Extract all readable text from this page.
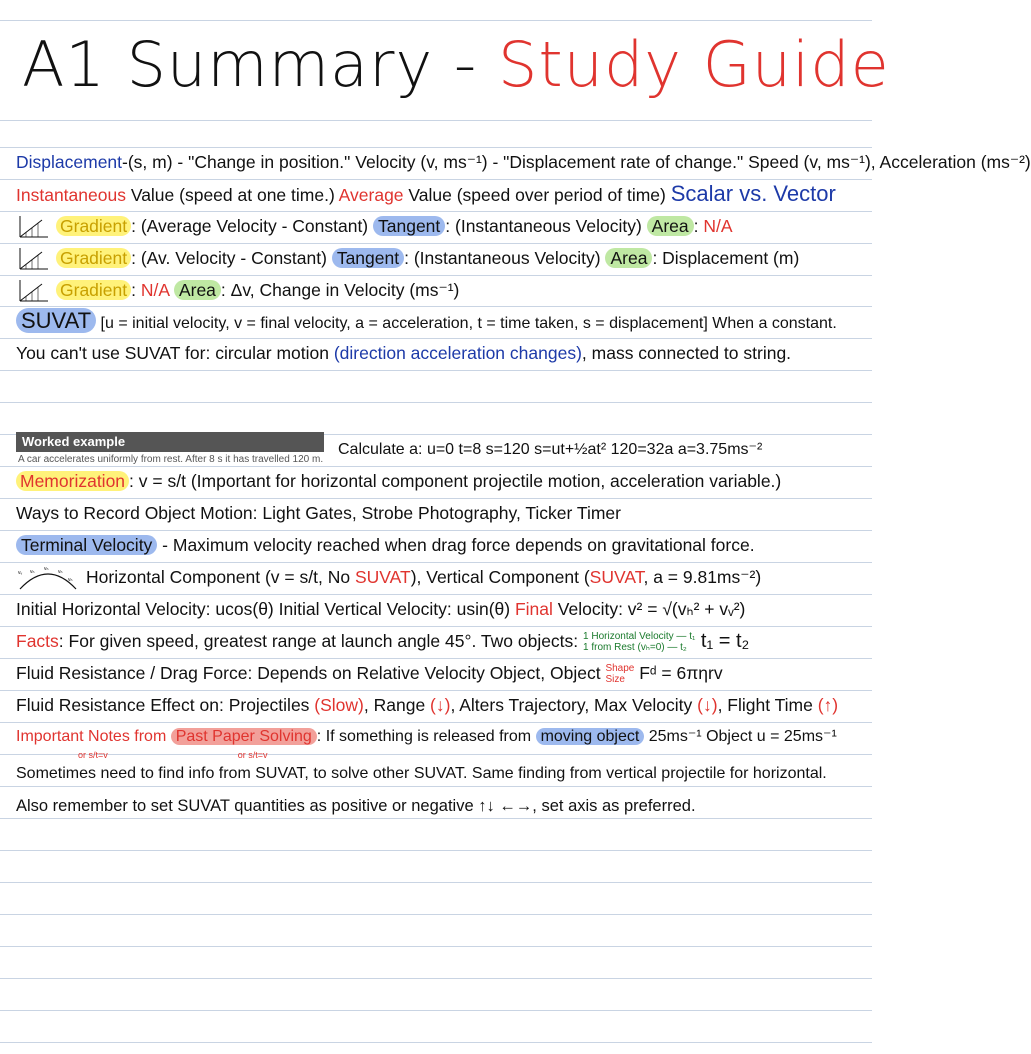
A1 Summary - Study Guide
Displacement-(s, m) - "Change in position." Velocity (v, ms⁻¹) - "Displacement rate of change." Speed (v, ms⁻¹), Acceleration (ms⁻²)
Instantaneous Value (speed at one time.) Average Value (speed over period of time) Scalar vs. Vector
Gradient : (Average Velocity - Constant) Tangent : (Instantaneous Velocity) Area : N/A
Gradient : (Av. Velocity - Constant) Tangent : (Instantaneous Velocity) Area : Displacement (m)
Gradient : N/A Area : Δv, Change in Velocity (ms⁻¹)
SUVAT [u = initial velocity, v = final velocity, a = acceleration, t = time taken, s = displacement] When a constant.
You can't use SUVAT for: circular motion (direction acceleration changes), mass connected to string.
Worked example
A car accelerates uniformly from rest. After 8 s it has travelled 120 m.
Calculate a: u=0 t=8 s=120 s=ut+½at² 120=32a a=3.75ms⁻²
Memorization : v = s/t (Important for horizontal component projectile motion, acceleration variable.)
Ways to Record Object Motion: Light Gates, Strobe Photography, Ticker Timer
Terminal Velocity - Maximum velocity reached when drag force depends on gravitational force.
vᵥ vₕ vₕ vₕ
vₕ Horizontal Component (v = s/t, No SUVAT), Vertical Component (SUVAT, a = 9.81ms⁻²)
Initial Horizontal Velocity: ucos(θ) Initial Vertical Velocity: usin(θ) Final Velocity: v² = √(vₕ² + vᵥ²)
Facts: For given speed, greatest range at launch angle 45°. Two objects: 1 Horizontal Velocity — t₁
1 from Rest (vₕ=0) — t₂ t₁ = t₂
Fluid Resistance / Drag Force: Depends on Relative Velocity Object, Object Shape
Size Fᵈ = 6πηrv
Fluid Resistance Effect on: Projectiles (Slow), Range (↓), Alters Trajectory, Max Velocity (↓), Flight Time (↑)
Important Notes from Past Paper Solving : If something is released from moving object 25ms⁻¹ Object u = 25ms⁻¹
or s/t=v	or s/t=v
Sometimes need to find info from SUVAT, to solve other SUVAT. Same finding from vertical projectile for horizontal.
Also remember to set SUVAT quantities as positive or negative ↑↓ ←→, set axis as preferred.
